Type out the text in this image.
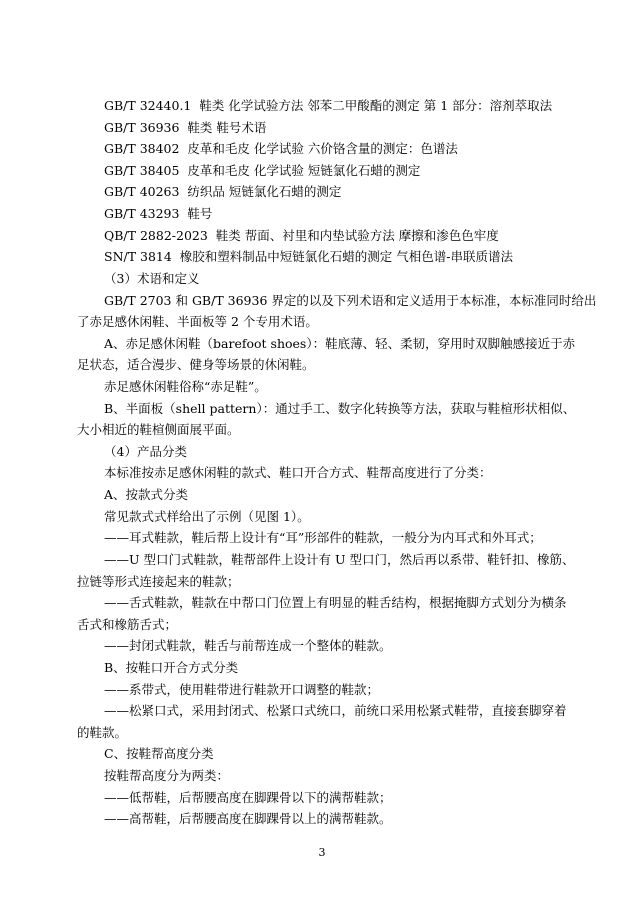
GB/T 32440.1 鞋类 化学试验方法 邻苯二甲酸酯的测定 第 1 部分：溶剂萃取法
GB/T 36936 鞋类 鞋号术语
GB/T 38402 皮革和毛皮 化学试验 六价铬含量的测定：色谱法
GB/T 38405 皮革和毛皮 化学试验 短链氯化石蜡的测定
GB/T 40263 纺织品 短链氯化石蜡的测定
GB/T 43293 鞋号
QB/T 2882-2023 鞋类 帮面、衬里和内垫试验方法 摩擦和渗色色牢度
SN/T 3814 橡胶和塑料制品中短链氯化石蜡的测定 气相色谱-串联质谱法
（3）术语和定义
GB/T 2703 和 GB/T 36936 界定的以及下列术语和定义适用于本标准，本标准同时给出
了赤足感休闲鞋、半面板等 2 个专用术语。
A、赤足感休闲鞋（barefoot shoes）：鞋底薄、轻、柔韧，穿用时双脚触感接近于赤
足状态，适合漫步、健身等场景的休闲鞋。
赤足感休闲鞋俗称“赤足鞋”。
B、半面板（shell pattern）：通过手工、数字化转换等方法，获取与鞋楦形状相似、
大小相近的鞋楦侧面展平面。
（4）产品分类
本标准按赤足感休闲鞋的款式、鞋口开合方式、鞋帮高度进行了分类：
A、按款式分类
常见款式式样给出了示例（见图 1）。
——耳式鞋款，鞋后帮上设计有“耳”形部件的鞋款，一般分为内耳式和外耳式；
——U 型口门式鞋款，鞋帮部件上设计有 U 型口门，然后再以系带、鞋钎扣、橡筋、
拉链等形式连接起来的鞋款；
——舌式鞋款，鞋款在中帮口门位置上有明显的鞋舌结构，根据掩脚方式划分为横条
舌式和橡筋舌式；
——封闭式鞋款，鞋舌与前帮连成一个整体的鞋款。
B、按鞋口开合方式分类
——系带式，使用鞋带进行鞋款开口调整的鞋款；
——松紧口式，采用封闭式、松紧口式统口，前统口采用松紧式鞋带，直接套脚穿着
的鞋款。
C、按鞋帮高度分类
按鞋帮高度分为两类：
——低帮鞋，后帮腰高度在脚踝骨以下的满帮鞋款；
——高帮鞋，后帮腰高度在脚踝骨以上的满帮鞋款。
3
